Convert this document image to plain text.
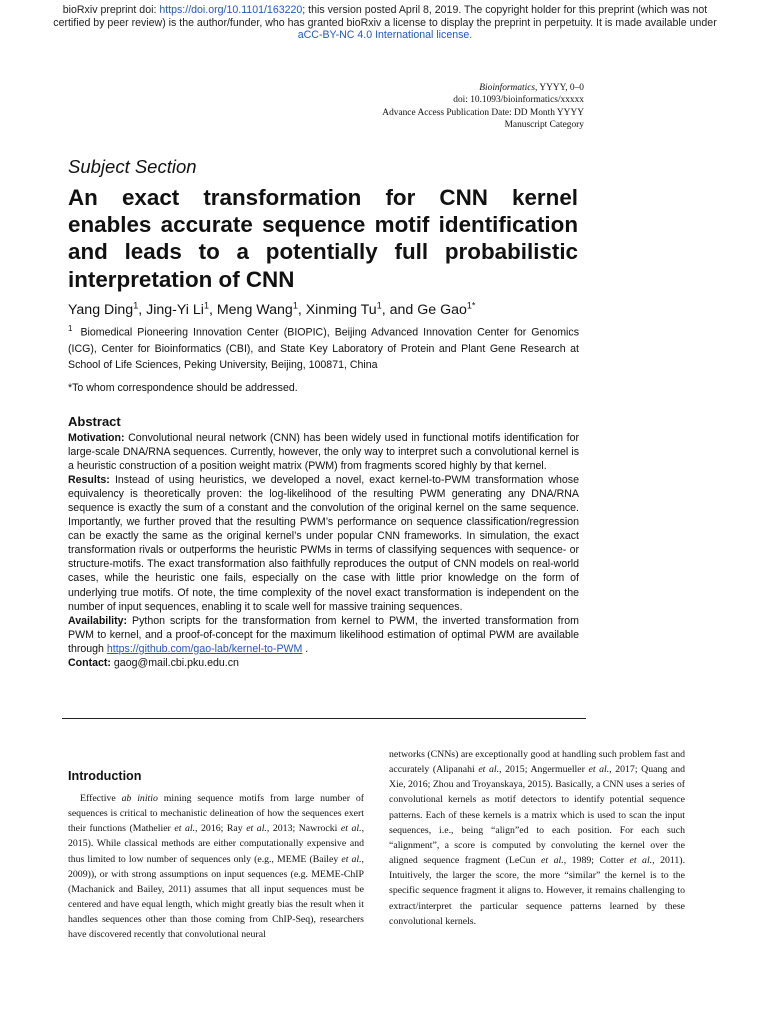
bioRxiv preprint doi: https://doi.org/10.1101/163220; this version posted April 8, 2019. The copyright holder for this preprint (which was not
certified by peer review) is the author/funder, who has granted bioRxiv a license to display the preprint in perpetuity. It is made available under
aCC-BY-NC 4.0 International license.
Bioinformatics, YYYY, 0–0
doi: 10.1093/bioinformatics/xxxxx
Advance Access Publication Date: DD Month YYYY
Manuscript Category
Subject Section
An exact transformation for CNN kernel enables accurate sequence motif identification and leads to a potentially full probabilistic interpretation of CNN
Yang Ding$^1$, Jing-Yi Li$^1$, Meng Wang$^1$, Xinming Tu$^1$, and Ge Gao$^{1*}$
$^1$ Biomedical Pioneering Innovation Center (BIOPIC), Beijing Advanced Innovation Center for Genomics (ICG), Center for Bioinformatics (CBI), and State Key Laboratory of Protein and Plant Gene Research at School of Life Sciences, Peking University, Beijing, 100871, China
*To whom correspondence should be addressed.
Abstract

Motivation: Convolutional neural network (CNN) has been widely used in functional motifs identification for large-scale DNA/RNA sequences. Currently, however, the only way to interpret such a convolutional kernel is a heuristic construction of a position weight matrix (PWM) from fragments scored highly by that kernel.

Results: Instead of using heuristics, we developed a novel, exact kernel-to-PWM transformation whose equivalency is theoretically proven: the log-likelihood of the resulting PWM generating any DNA/RNA sequence is exactly the sum of a constant and the convolution of the original kernel on the same sequence. Importantly, we further proved that the resulting PWM’s performance on sequence classification/regression can be exactly the same as the original kernel’s under popular CNN frameworks. In simulation, the exact transformation rivals or outperforms the heuristic PWMs in terms of classifying sequences with sequence- or structure-motifs. The exact transformation also faithfully reproduces the output of CNN models on real-world cases, while the heuristic one fails, especially on the case with little prior knowledge on the form of underlying true motifs. Of note, the time complexity of the novel exact transformation is independent on the number of input sequences, enabling it to scale well for massive training sequences.

Availability: Python scripts for the transformation from kernel to PWM, the inverted transformation from PWM to kernel, and a proof-of-concept for the maximum likelihood estimation of optimal PWM are available through https://github.com/gao-lab/kernel-to-PWM .

Contact: gaog@mail.cbi.pku.edu.cn

Introduction

Effective ab initio mining sequence motifs from large number of sequences is critical to mechanistic delineation of how the sequences exert their functions (Mathelier et al., 2016; Ray et al., 2013; Nawrocki et al., 2015). While classical methods are either computationally expensive and thus limited to low number of sequences only (e.g., MEME (Bailey et al., 2009)), or with strong assumptions on input sequences (e.g. MEME-ChIP (Machanick and Bailey, 2011) assumes that all input sequences must be centered and have equal length, which might greatly bias the result when it handles sequences other than those coming from ChIP-Seq), researchers have discovered recently that convolutional neural

networks (CNNs) are exceptionally good at handling such problem fast and accurately (Alipanahi et al., 2015; Angermueller et al., 2017; Quang and Xie, 2016; Zhou and Troyanskaya, 2015). Basically, a CNN uses a series of convolutional kernels as motif detectors to identify potential sequence patterns. Each of these kernels is a matrix which is used to scan the input sequences, i.e., being “align”ed to each position. For each such “alignment”, a score is computed by convoluting the kernel over the aligned sequence fragment (LeCun et al., 1989; Cotter et al., 2011). Intuitively, the larger the score, the more “similar” the kernel is to the specific sequence fragment it aligns to. However, it remains challenging to extract/interpret the particular sequence patterns learned by these convolutional kernels.
